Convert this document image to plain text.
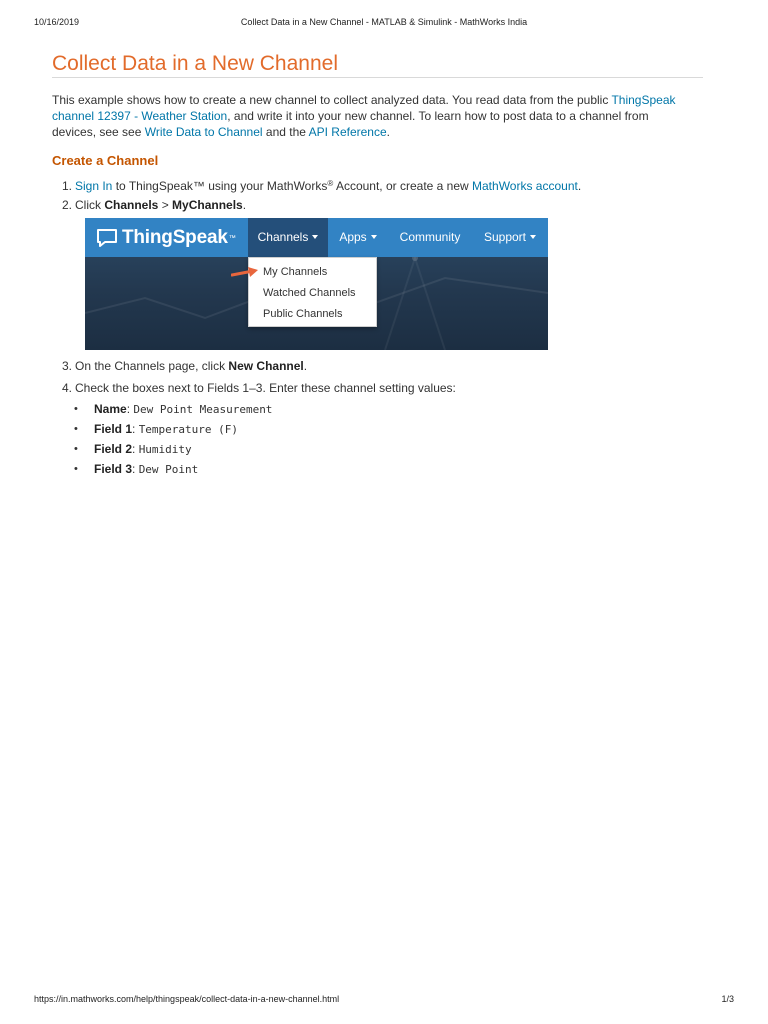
10/16/2019	Collect Data in a New Channel - MATLAB & Simulink - MathWorks India
Collect Data in a New Channel

This example shows how to create a new channel to collect analyzed data. You read data from the public ThingSpeak channel 12397 - Weather Station, and write it into your new channel. To learn how to post data to a channel from devices, see see Write Data to Channel and the API Reference.

Create a Channel
1. Sign In to ThingSpeak™ using your MathWorks® Account, or create a new MathWorks account.
2. Click Channels > MyChannels.
ThingSpeak ™	Channels	Apps	Community	Support
My Channels
Watched Channels
Public Channels
3. On the Channels page, click New Channel.
4. Check the boxes next to Fields 1–3. Enter these channel setting values:
• Name: Dew Point Measurement
• Field 1: Temperature (F)
• Field 2: Humidity
• Field 3: Dew Point
https://in.mathworks.com/help/thingspeak/collect-data-in-a-new-channel.html	1/3
